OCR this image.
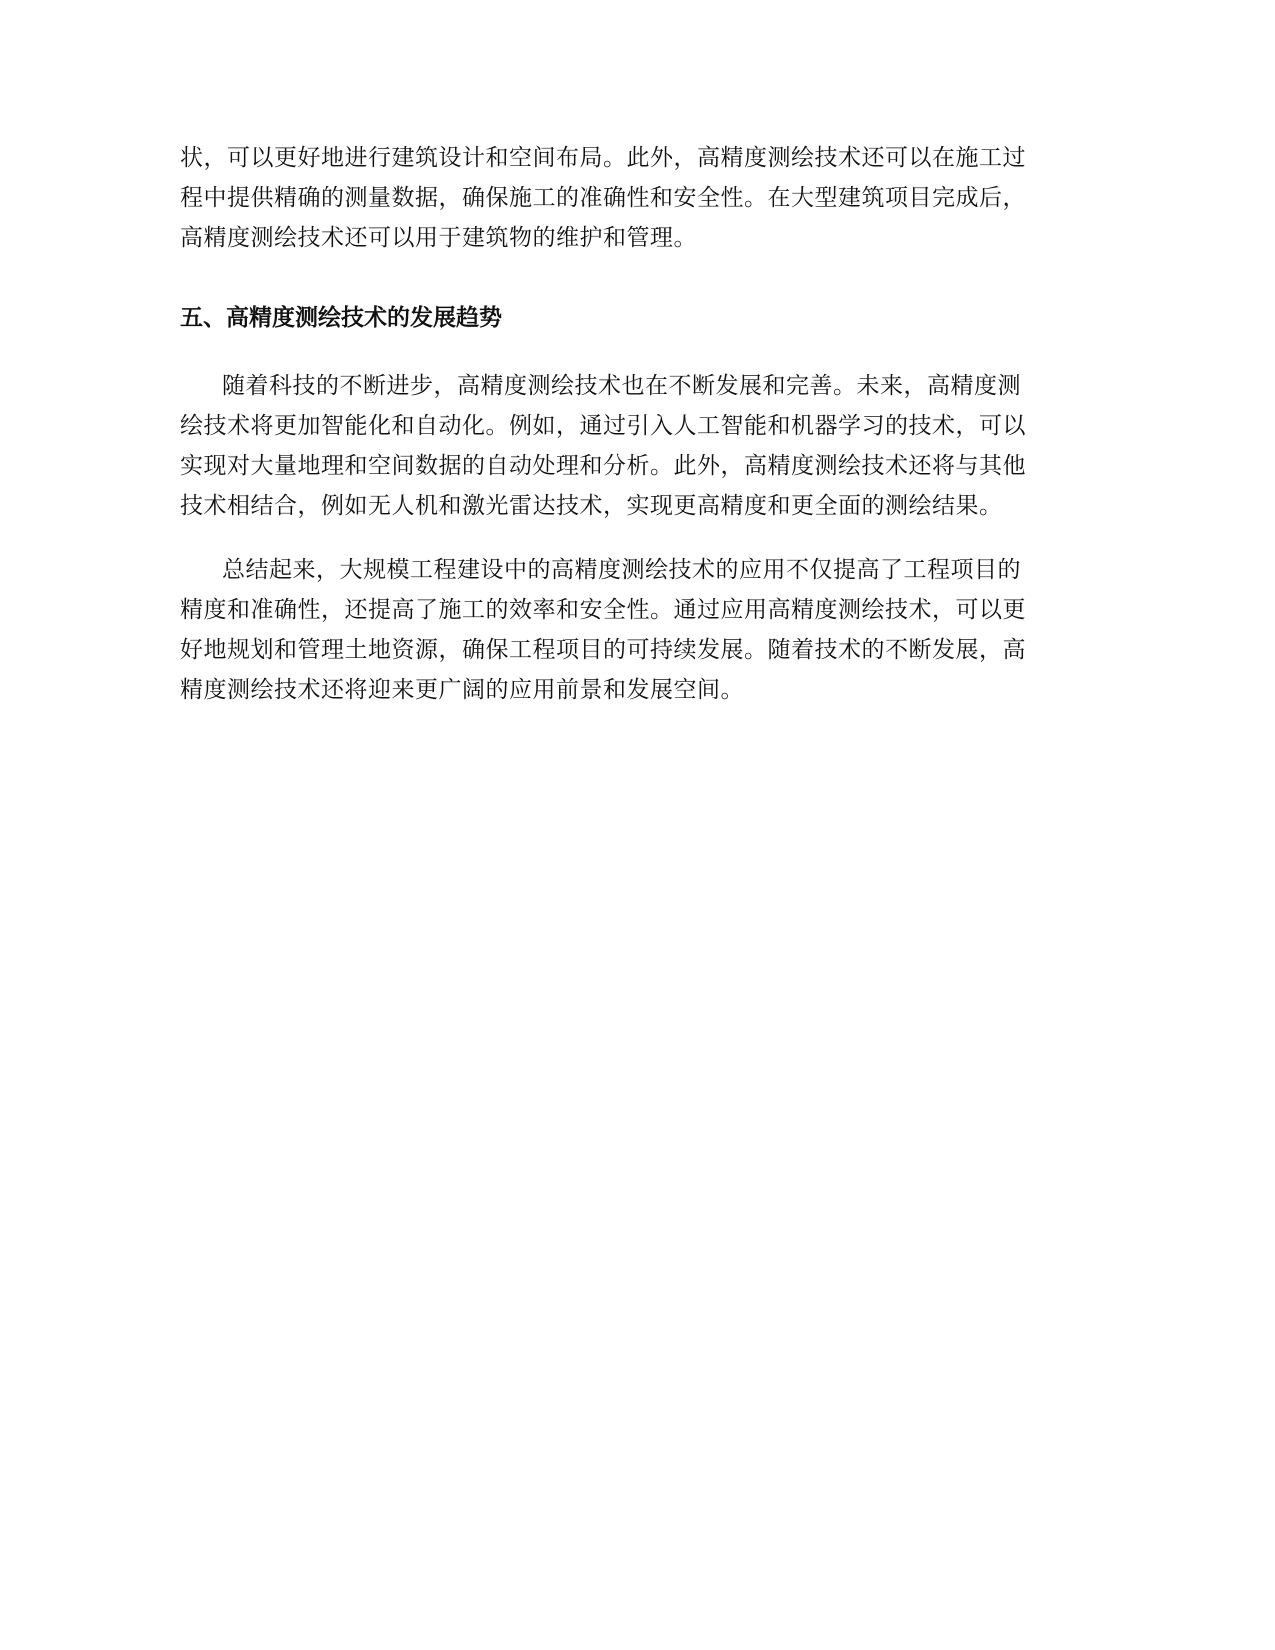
状，可以更好地进行建筑设计和空间布局。此外，高精度测绘技术还可以在施工过
程中提供精确的测量数据，确保施工的准确性和安全性。在大型建筑项目完成后，
高精度测绘技术还可以用于建筑物的维护和管理。
五、高精度测绘技术的发展趋势
随着科技的不断进步，高精度测绘技术也在不断发展和完善。未来，高精度测
绘技术将更加智能化和自动化。例如，通过引入人工智能和机器学习的技术，可以
实现对大量地理和空间数据的自动处理和分析。此外，高精度测绘技术还将与其他
技术相结合，例如无人机和激光雷达技术，实现更高精度和更全面的测绘结果。
总结起来，大规模工程建设中的高精度测绘技术的应用不仅提高了工程项目的
精度和准确性，还提高了施工的效率和安全性。通过应用高精度测绘技术，可以更
好地规划和管理土地资源，确保工程项目的可持续发展。随着技术的不断发展，高
精度测绘技术还将迎来更广阔的应用前景和发展空间。
